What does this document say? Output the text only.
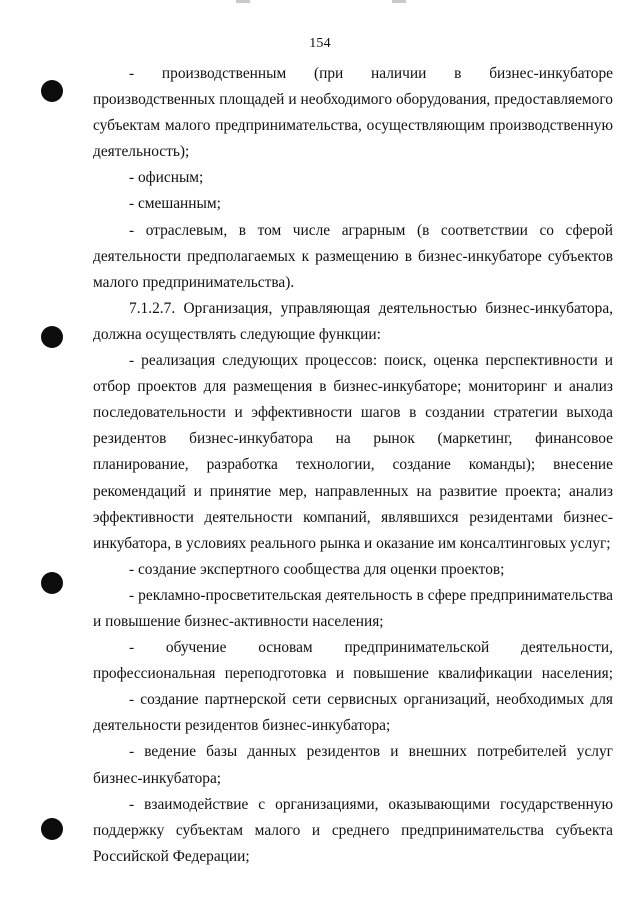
154

- производственным (при наличии в бизнес-инкубаторе производственных площадей и необходимого оборудования, предоставляемого субъектам малого предпринимательства, осуществляющим производственную деятельность);

- офисным;

- смешанным;

- отраслевым, в том числе аграрным (в соответствии со сферой деятельности предполагаемых к размещению в бизнес-инкубаторе субъектов малого предпринимательства).

7.1.2.7. Организация, управляющая деятельностью бизнес-инкубатора, должна осуществлять следующие функции:

- реализация следующих процессов: поиск, оценка перспективности и отбор проектов для размещения в бизнес-инкубаторе; мониторинг и анализ последовательности и эффективности шагов в создании стратегии выхода резидентов бизнес-инкубатора на рынок (маркетинг, финансовое планирование, разработка технологии, создание команды); внесение рекомендаций и принятие мер, направленных на развитие проекта; анализ эффективности деятельности компаний, являвшихся резидентами бизнес-инкубатора, в условиях реального рынка и оказание им консалтинговых услуг;

- создание экспертного сообщества для оценки проектов;

- рекламно-просветительская деятельность в сфере предпринимательства и повышение бизнес-активности населения;

- обучение основам предпринимательской деятельности, профессиональная переподготовка и повышение квалификации населения;

- создание партнерской сети сервисных организаций, необходимых для деятельности резидентов бизнес-инкубатора;

- ведение базы данных резидентов и внешних потребителей услуг бизнес-инкубатора;

- взаимодействие с организациями, оказывающими государственную поддержку субъектам малого и среднего предпринимательства субъекта Российской Федерации;
